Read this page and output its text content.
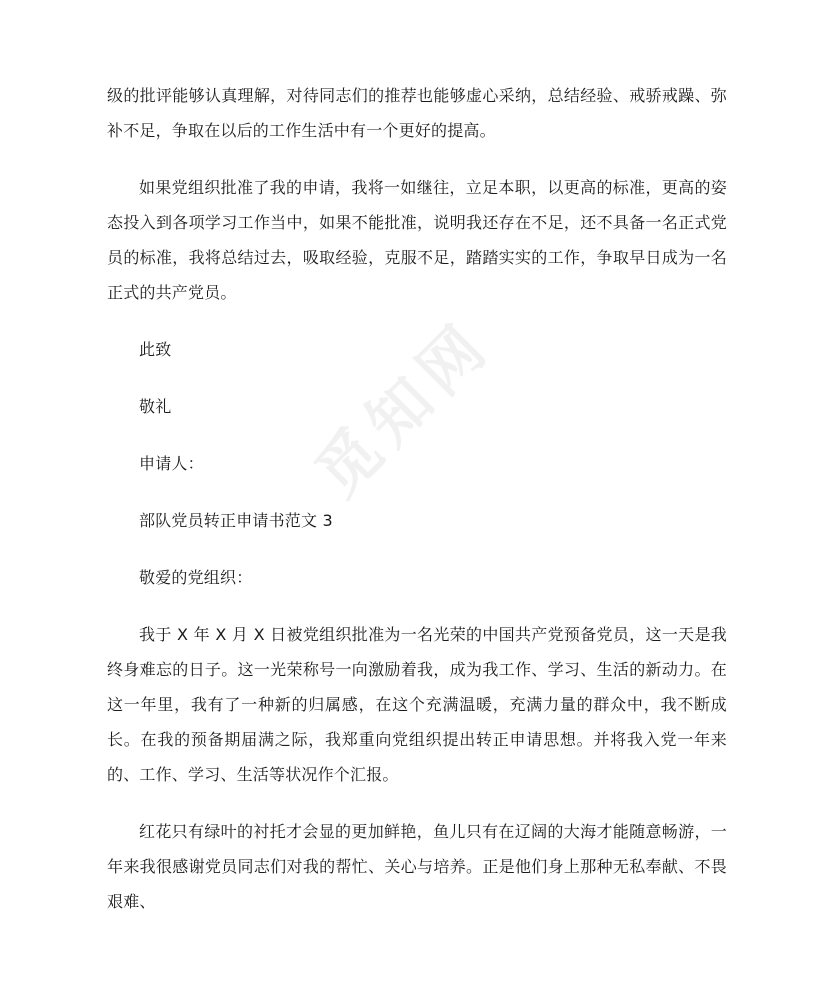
级的批评能够认真理解，对待同志们的推荐也能够虚心采纳，总结经验、戒骄戒躁、弥补不足，争取在以后的工作生活中有一个更好的提高。

如果党组织批准了我的申请，我将一如继往，立足本职，以更高的标准，更高的姿态投入到各项学习工作当中，如果不能批准，说明我还存在不足，还不具备一名正式党员的标准，我将总结过去，吸取经验，克服不足，踏踏实实的工作，争取早日成为一名正式的共产党员。

此致

敬礼

申请人：

部队党员转正申请书范文 3

敬爱的党组织：

我于 X 年 X 月 X 日被党组织批准为一名光荣的中国共产党预备党员，这一天是我终身难忘的日子。这一光荣称号一向激励着我，成为我工作、学习、生活的新动力。在这一年里，我有了一种新的归属感，在这个充满温暖，充满力量的群众中，我不断成长。在我的预备期届满之际，我郑重向党组织提出转正申请思想。并将我入党一年来的、工作、学习、生活等状况作个汇报。

红花只有绿叶的衬托才会显的更加鲜艳，鱼儿只有在辽阔的大海才能随意畅游，一年来我很感谢党员同志们对我的帮忙、关心与培养。正是他们身上那种无私奉献、不畏艰难、

觅知网
